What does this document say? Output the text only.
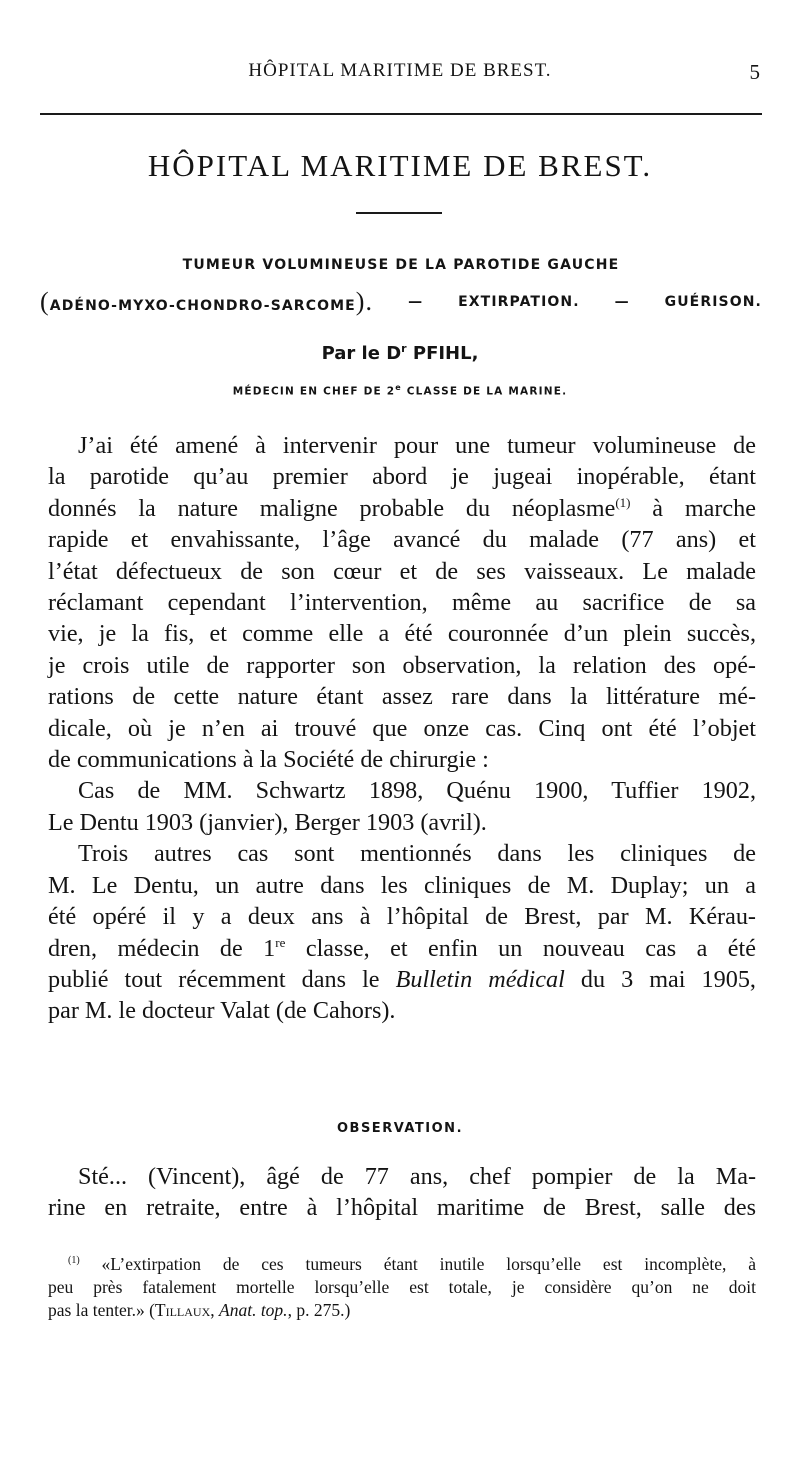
HÔPITAL MARITIME DE BREST.	5
HÔPITAL MARITIME DE BREST.
TUMEUR VOLUMINEUSE DE LA PAROTIDE GAUCHE
(ADÉNO-MYXO-CHONDRO-SARCOME). — EXTIRPATION. — GUÉRISON.
Par le $D^r$ PFIHL,
MÉDECIN EN CHEF DE 2e CLASSE DE LA MARINE.
J’ai été amené à intervenir pour une tumeur volumineuse de
la parotide qu’au premier abord je jugeai inopérable, étant
donnés la nature maligne probable du néoplasme$^{(1)}$ à marche
rapide et envahissante, l’âge avancé du malade (77 ans) et
l’état défectueux de son cœur et de ses vaisseaux. Le malade
réclamant cependant l’intervention, même au sacrifice de sa
vie, je la fis, et comme elle a été couronnée d’un plein succès,
je crois utile de rapporter son observation, la relation des opé-
rations de cette nature étant assez rare dans la littérature mé-
dicale, où je n’en ai trouvé que onze cas. Cinq ont été l’objet
de communications à la Société de chirurgie :
Cas de MM. Schwartz 1898, Quénu 1900, Tuffier 1902,
Le Dentu 1903 (janvier), Berger 1903 (avril).
Trois autres cas sont mentionnés dans les cliniques de
M. Le Dentu, un autre dans les cliniques de M. Duplay; un a
été opéré il y a deux ans à l’hôpital de Brest, par M. Kérau-
dren, médecin de 1re classe, et enfin un nouveau cas a été
publié tout récemment dans le Bulletin médical du 3 mai 1905,
par M. le docteur Valat (de Cahors).
OBSERVATION.
Sté... (Vincent), âgé de 77 ans, chef pompier de la Ma-
rine en retraite, entre à l’hôpital maritime de Brest, salle des
$^{(1)}$ «L’extirpation de ces tumeurs étant inutile lorsqu’elle est incomplète, à
peu près fatalement mortelle lorsqu’elle est totale, je considère qu’on ne doit
pas la tenter.» (Tillaux, Anat. top., p. 275.)
